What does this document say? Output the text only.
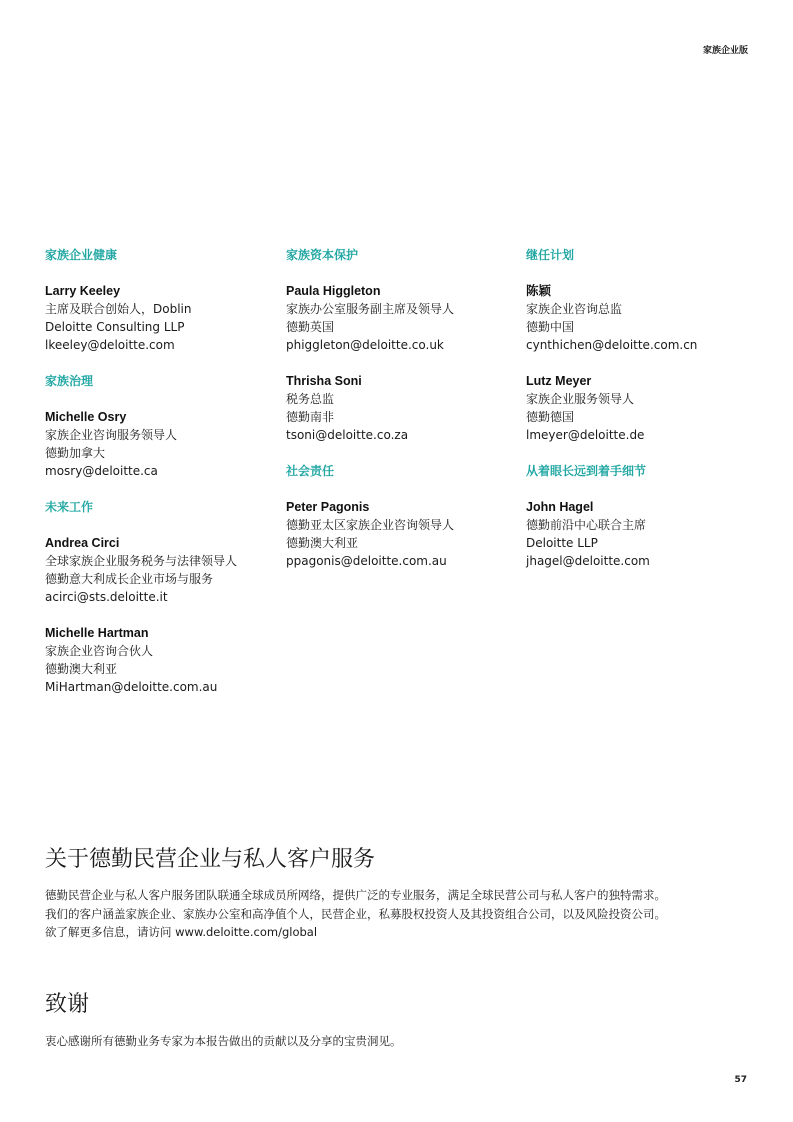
家族企业版
家族企业健康
Larry Keeley
主席及联合创始人，Doblin
Deloitte Consulting LLP
lkeeley@deloitte.com
家族治理
Michelle Osry
家族企业咨询服务领导人
德勤加拿大
mosry@deloitte.ca
未来工作
Andrea Circi
全球家族企业服务税务与法律领导人
德勤意大利成长企业市场与服务
acirci@sts.deloitte.it
Michelle Hartman
家族企业咨询合伙人
德勤澳大利亚
MiHartman@deloitte.com.au
家族资本保护
Paula Higgleton
家族办公室服务副主席及领导人
德勤英国
phiggleton@deloitte.co.uk
Thrisha Soni
税务总监
德勤南非
tsoni@deloitte.co.za
社会责任
Peter Pagonis
德勤亚太区家族企业咨询领导人
德勤澳大利亚
ppagonis@deloitte.com.au
继任计划
陈颖
家族企业咨询总监
德勤中国
cynthichen@deloitte.com.cn
Lutz Meyer
家族企业服务领导人
德勤德国
lmeyer@deloitte.de
从着眼长远到着手细节
John Hagel
德勤前沿中心联合主席
Deloitte LLP
jhagel@deloitte.com
关于德勤民营企业与私人客户服务
德勤民营企业与私人客户服务团队联通全球成员所网络，提供广泛的专业服务，满足全球民营公司与私人客户的独特需求。
我们的客户涵盖家族企业、家族办公室和高净值个人，民营企业，私募股权投资人及其投资组合公司，以及风险投资公司。
欲了解更多信息，请访问 www.deloitte.com/global
致谢
衷心感谢所有德勤业务专家为本报告做出的贡献以及分享的宝贵洞见。
57
